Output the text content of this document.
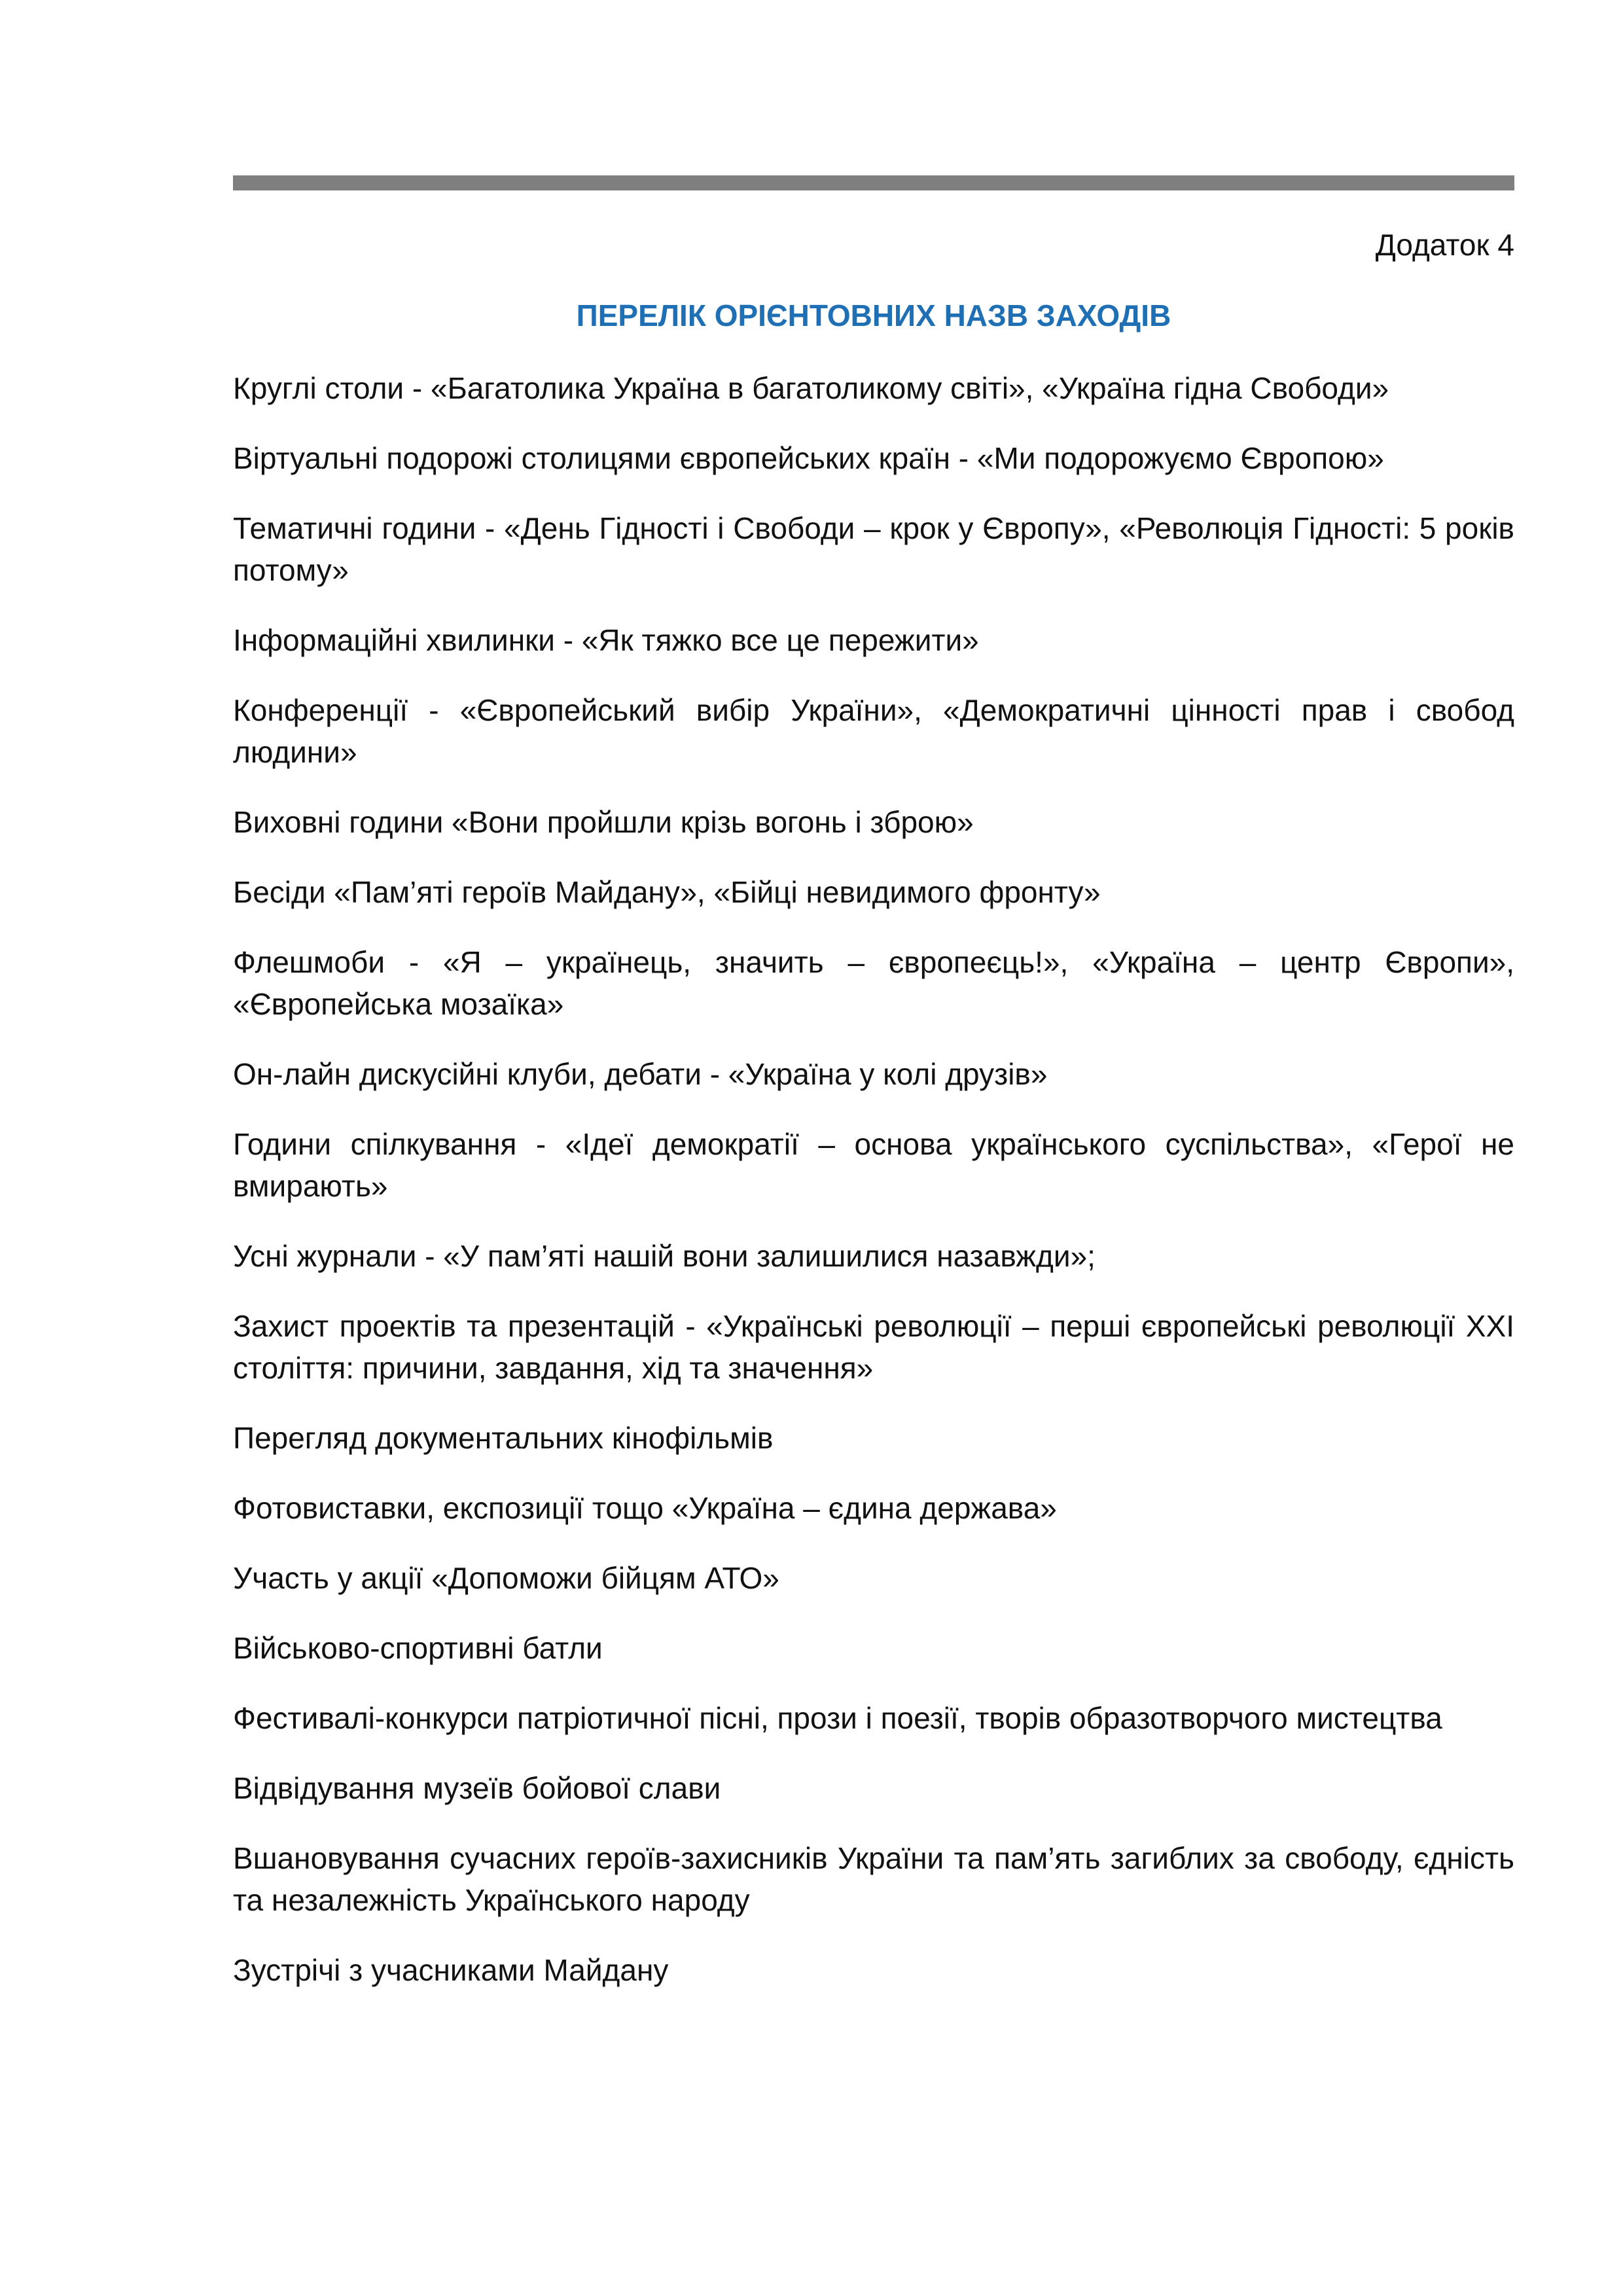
Додаток 4

ПЕРЕЛІК ОРІЄНТОВНИХ НАЗВ ЗАХОДІВ
Круглі столи - «Багатолика Україна в багатоликому світі», «Україна гідна Свободи»
Віртуальні подорожі столицями європейських країн - «Ми подорожуємо Європою»
Тематичні години - «День Гідності і Свободи – крок у Європу», «Революція Гідності: 5 років потому»
Інформаційні хвилинки - «Як тяжко все це пережити»
Конференції - «Європейський вибір України», «Демократичні цінності прав і свобод людини»
Виховні години «Вони пройшли крізь вогонь і зброю»
Бесіди «Пам’яті героїв Майдану», «Бійці невидимого фронту»
Флешмоби - «Я – українець, значить – європеєць!», «Україна – центр Європи», «Європейська мозаїка»
Он-лайн дискусійні клуби, дебати - «Україна у колі друзів»
Години спілкування - «Ідеї демократії – основа українського суспільства», «Герої не вмирають»
Усні журнали - «У пам’яті нашій вони залишилися назавжди»;
Захист проектів та презентацій - «Українські революції – перші європейські революції XXI століття: причини, завдання, хід та значення»
Перегляд документальних кінофільмів
Фотовиставки, експозиції тощо «Україна – єдина держава»
Участь у акції «Допоможи бійцям АТО»
Військово-спортивні батли
Фестивалі-конкурси патріотичної пісні, прози і поезії, творів образотворчого мистецтва
Відвідування музеїв бойової слави
Вшановування сучасних героїв-захисників України та пам’ять загиблих за свободу, єдність та незалежність Українського народу
Зустрічі з учасниками Майдану
